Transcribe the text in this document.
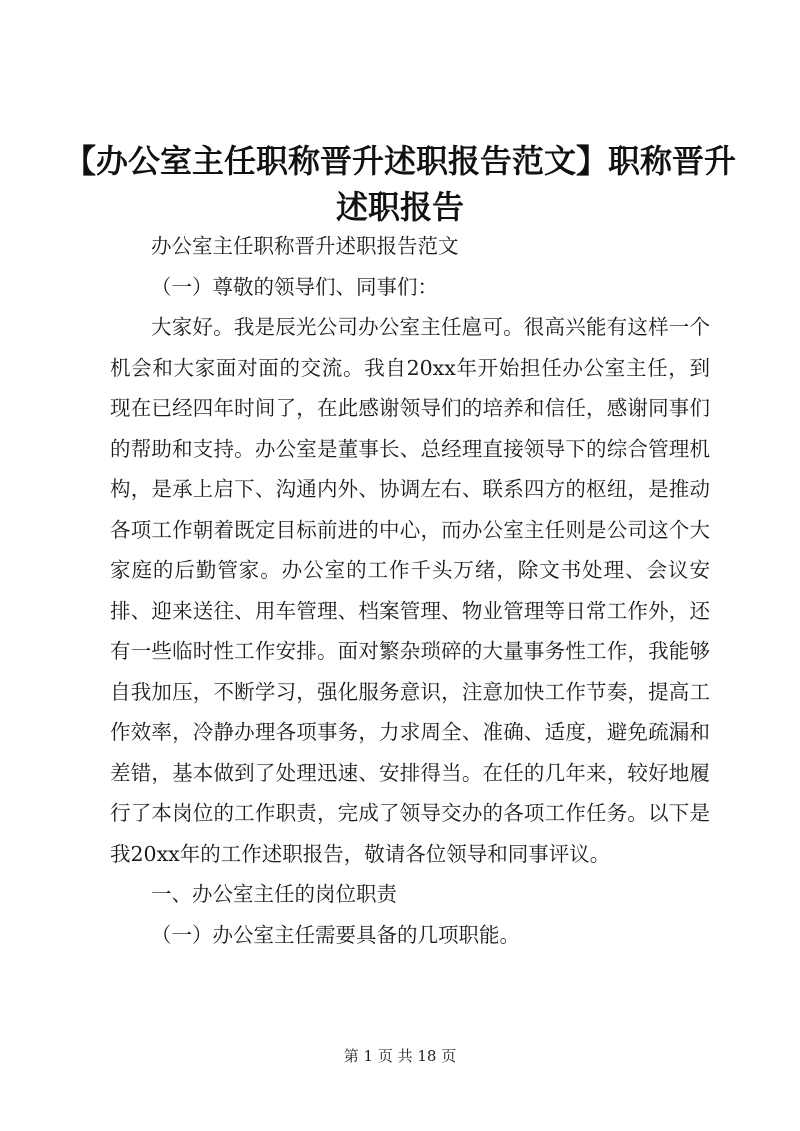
【办公室主任职称晋升述职报告范文】职称晋升述职报告

办公室主任职称晋升述职报告范文

（一）尊敬的领导们、同事们：

大家好。我是辰光公司办公室主任扈可。很高兴能有这样一个机会和大家面对面的交流。我自20xx年开始担任办公室主任，到现在已经四年时间了，在此感谢领导们的培养和信任，感谢同事们的帮助和支持。办公室是董事长、总经理直接领导下的综合管理机构，是承上启下、沟通内外、协调左右、联系四方的枢纽，是推动各项工作朝着既定目标前进的中心，而办公室主任则是公司这个大家庭的后勤管家。办公室的工作千头万绪，除文书处理、会议安排、迎来送往、用车管理、档案管理、物业管理等日常工作外，还有一些临时性工作安排。面对繁杂琐碎的大量事务性工作，我能够自我加压，不断学习，强化服务意识，注意加快工作节奏，提高工作效率，冷静办理各项事务，力求周全、准确、适度，避免疏漏和差错，基本做到了处理迅速、安排得当。在任的几年来，较好地履行了本岗位的工作职责，完成了领导交办的各项工作任务。以下是我20xx年的工作述职报告，敬请各位领导和同事评议。

一、办公室主任的岗位职责

（一）办公室主任需要具备的几项职能。

第 1 页 共 18 页
